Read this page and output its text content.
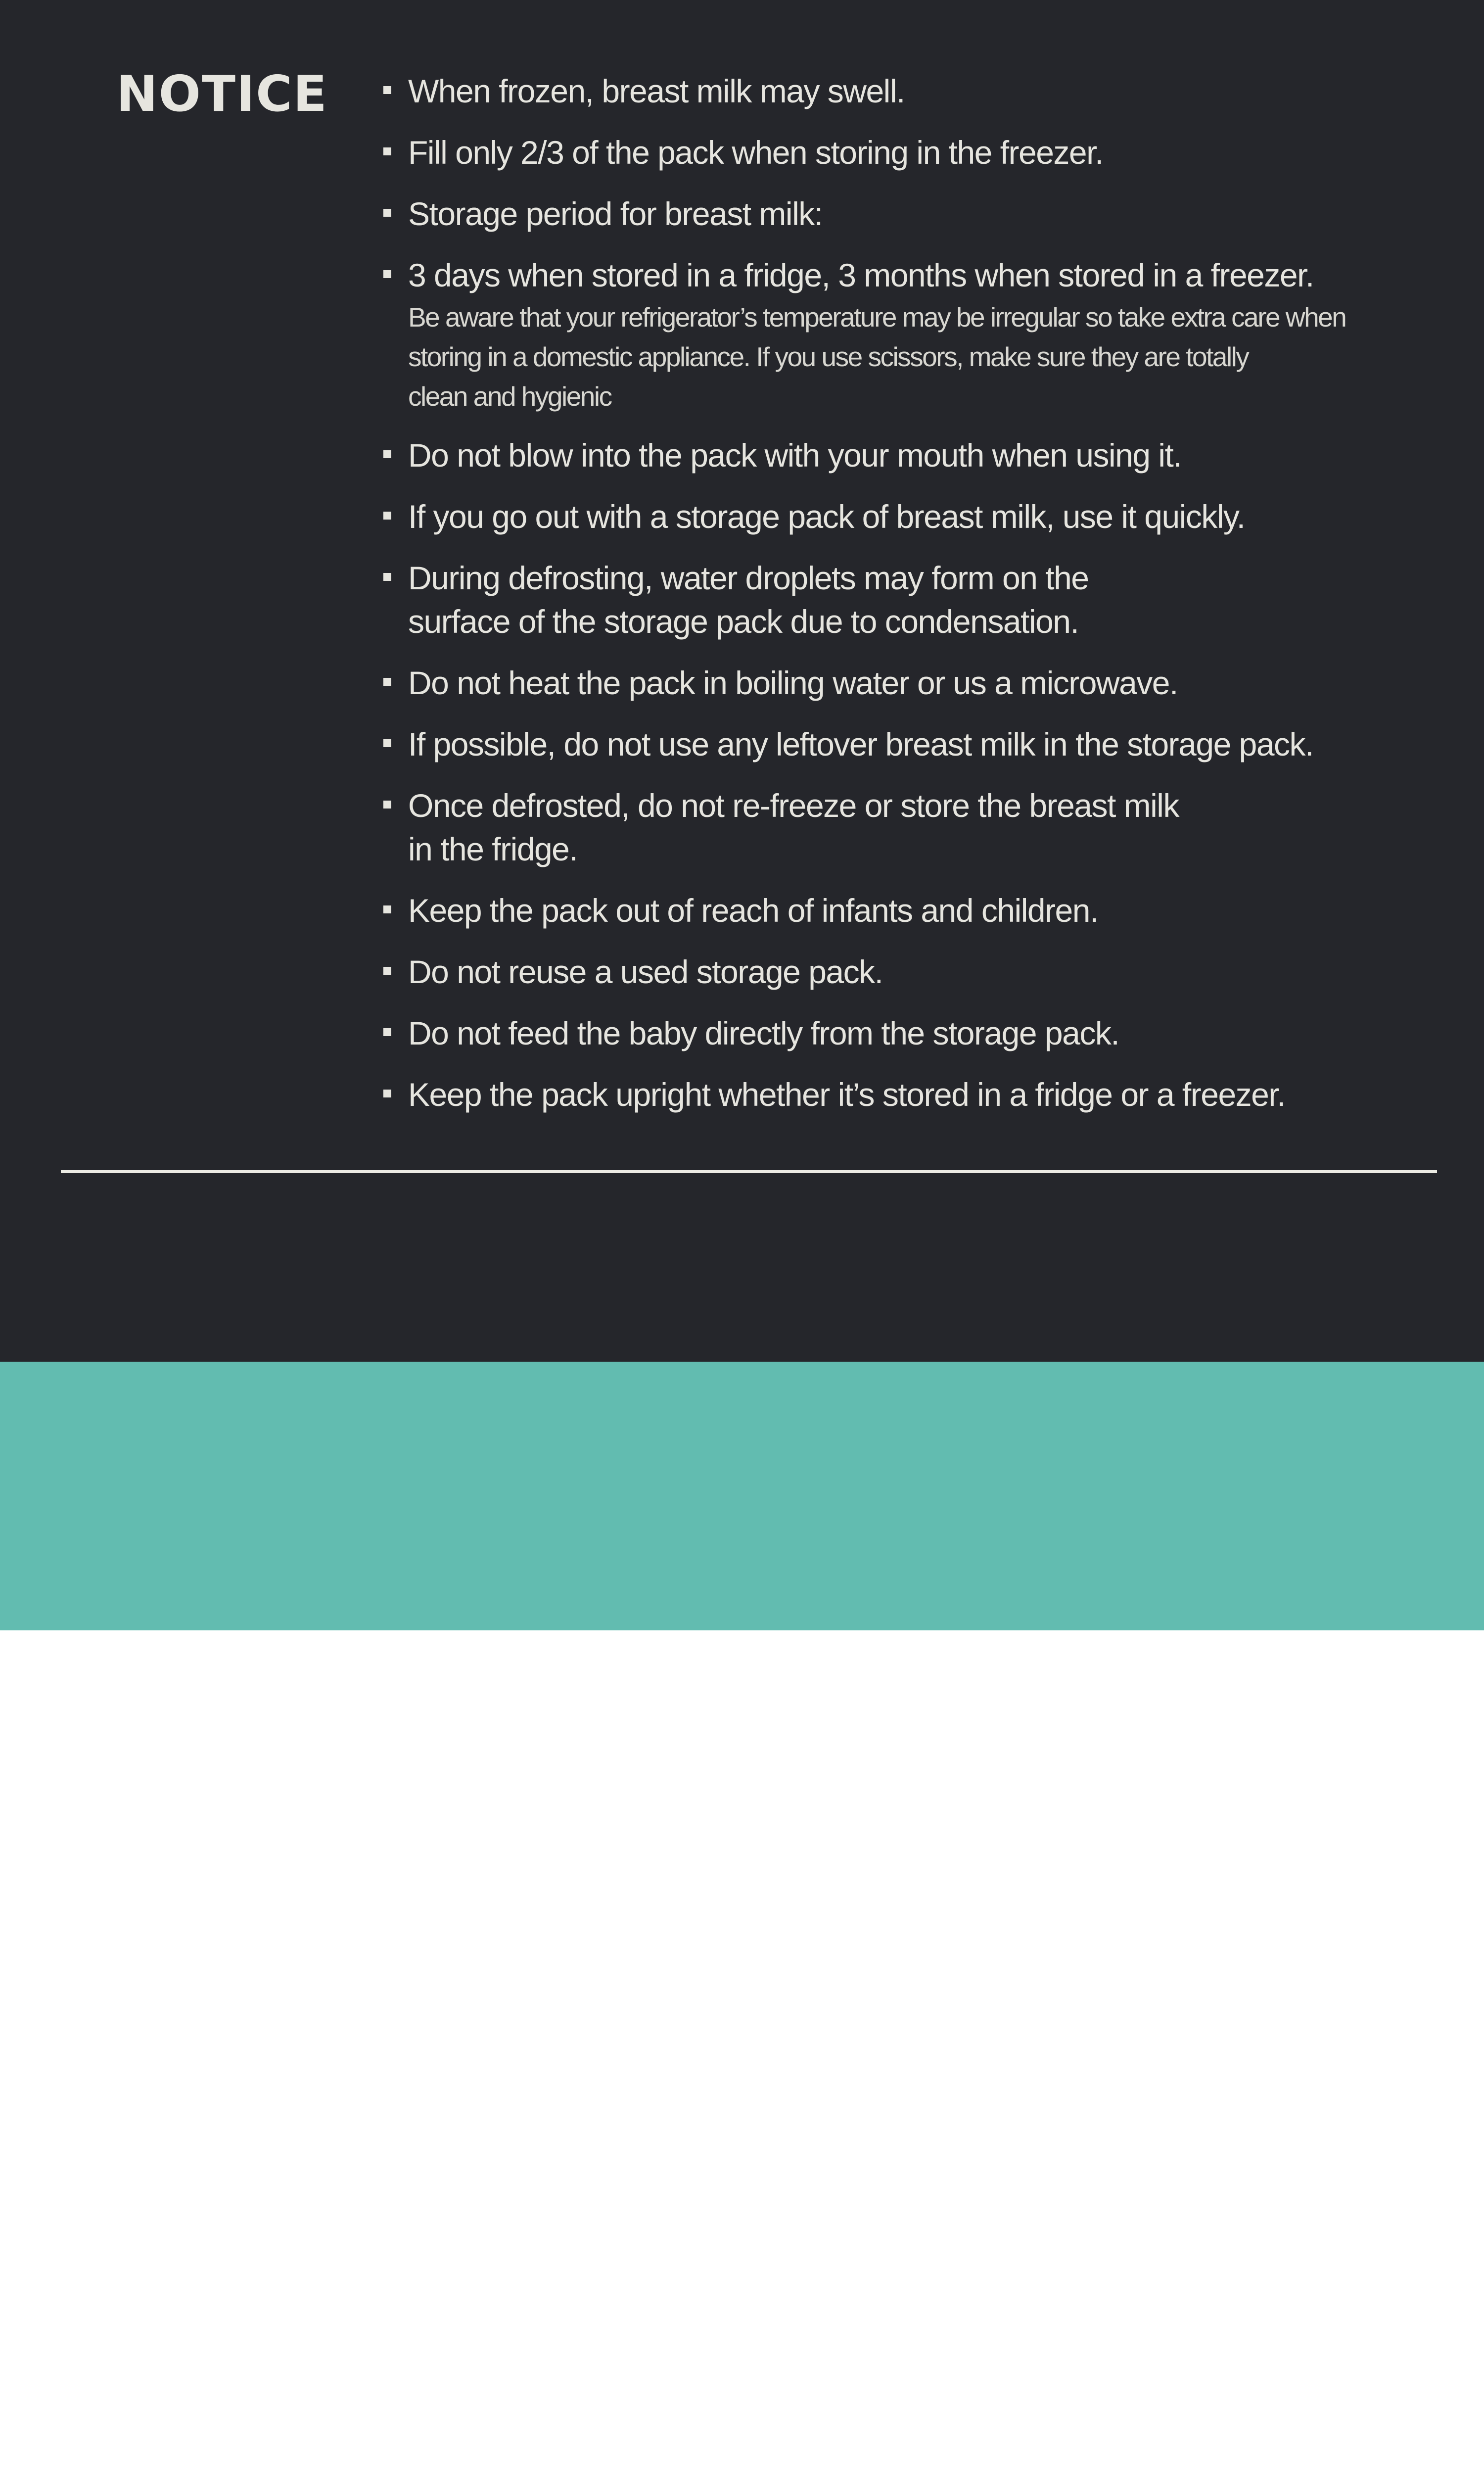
NOTICE When frozen, breast milk may swell.
Fill only 2/3 of the pack when storing in the freezer.
Storage period for breast milk:
3 days when stored in a fridge, 3 months when stored in a freezer.
Be aware that your refrigerator’s temperature may be irregular so take extra care when
storing in a domestic appliance. If you use scissors, make sure they are totally
clean and hygienic
Do not blow into the pack with your mouth when using it.
If you go out with a storage pack of breast milk, use it quickly.
During defrosting, water droplets may form on the
surface of the storage pack due to condensation.
Do not heat the pack in boiling water or us a microwave.
If possible, do not use any leftover breast milk in the storage pack.
Once defrosted, do not re-freeze or store the breast milk
in the fridge.
Keep the pack out of reach of infants and children.
Do not reuse a used storage pack.
Do not feed the baby directly from the storage pack.
Keep the pack upright whether it’s stored in a fridge or a freezer.
